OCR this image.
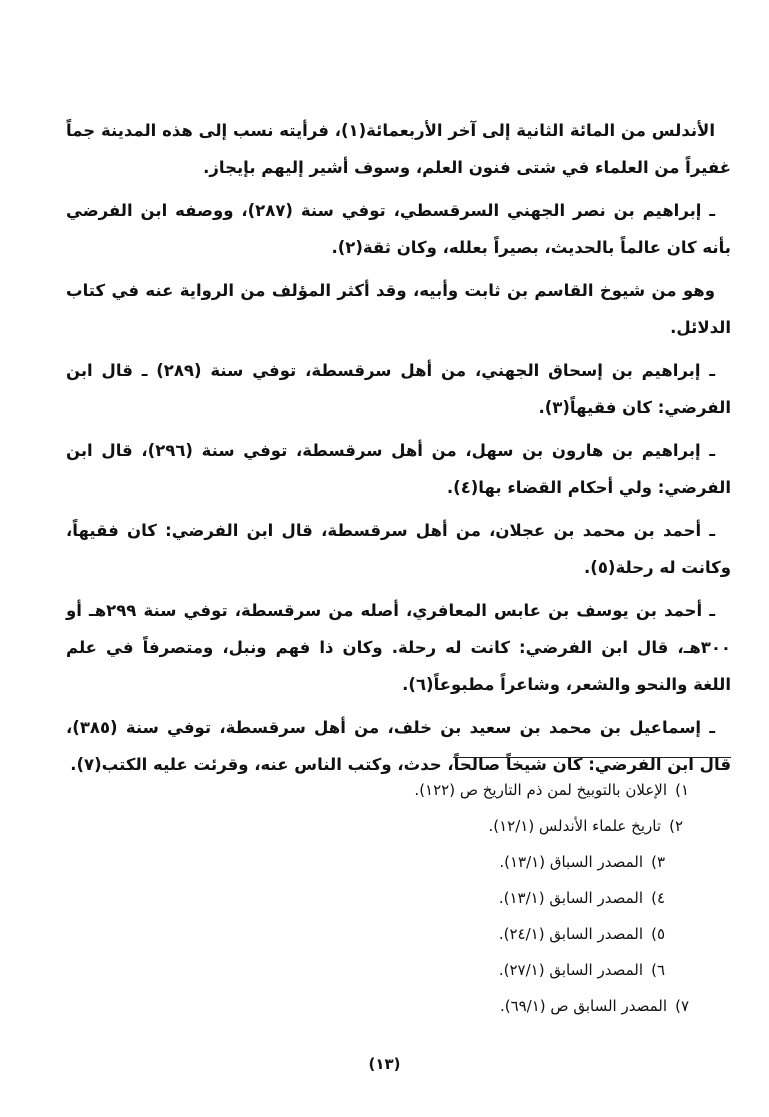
الأندلس من المائة الثانية إلى آخر الأربعمائة(١)، فرأيته نسب إلى هذه المدينة جماً غفيراً من العلماء في شتى فنون العلم، وسوف أشير إليهم بإيجاز.

ـ إبراهيم بن نصر الجهني السرقسطي، توفي سنة (٢٨٧)، ووصفه ابن الفرضي بأنه كان عالماً بالحديث، بصيراً بعلله، وكان ثقة(٢).

وهو من شيوخ القاسم بن ثابت وأبيه، وقد أكثر المؤلف من الرواية عنه في كتاب الدلائل.

ـ إبراهيم بن إسحاق الجهني، من أهل سرقسطة، توفي سنة (٢٨٩) ـ قال ابن الفرضي: كان فقيهاً(٣).

ـ إبراهيم بن هارون بن سهل، من أهل سرقسطة، توفي سنة (٢٩٦)، قال ابن الفرضي: ولي أحكام القضاء بها(٤).

ـ أحمد بن محمد بن عجلان، من أهل سرقسطة، قال ابن الفرضي: كان فقيهاً، وكانت له رحلة(٥).

ـ أحمد بن يوسف بن عابس المعافري، أصله من سرقسطة، توفي سنة ٢٩٩هـ أو ٣٠٠هـ، قال ابن الفرضي: كانت له رحلة. وكان ذا فهم ونبل، ومتصرفاً في علم اللغة والنحو والشعر، وشاعراً مطبوعاً(٦).

ـ إسماعيل بن محمد بن سعيد بن خلف، من أهل سرقسطة، توفي سنة (٣٨٥)، قال ابن الفرضي: كان شيخاً صالحاً، حدث، وكتب الناس عنه، وقرئت عليه الكتب(٧).

١)
الإعلان بالتوبيخ لمن ذم التاريخ ص (١٢٢).
٢)
تاريخ علماء الأندلس (١٢/١).
٣)
المصدر السباق (١٣/١).
٤)
المصدر السابق (١٣/١).
٥)
المصدر السابق (٢٤/١).
٦)
المصدر السابق (٢٧/١).
٧)
المصدر السابق ص (٦٩/١).
(١٣)
